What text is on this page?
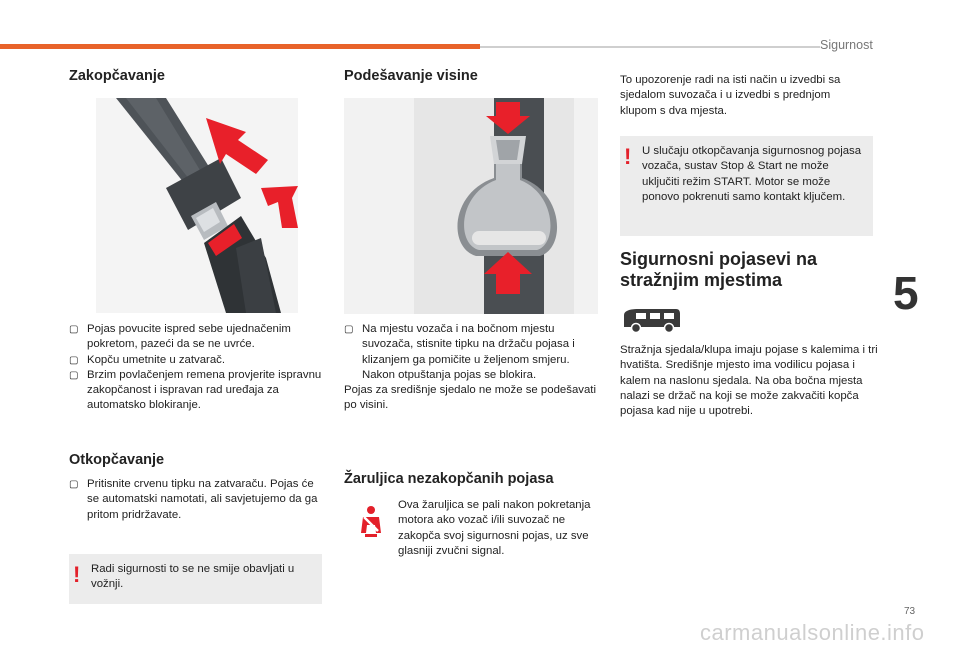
Sigurnost
5
Zakopčavanje
▢ Pojas povucite ispred sebe ujednačenim pokretom, pazeći da se ne uvrće.
▢ Kopču umetnite u zatvarač.
▢ Brzim povlačenjem remena provjerite ispravnu zakopčanost i ispravan rad uređaja za automatsko blokiranje.
Otkopčavanje
▢ Pritisnite crvenu tipku na zatvaraču. Pojas će se automatski namotati, ali savjetujemo da ga pritom pridržavate.
! Radi sigurnosti to se ne smije obavljati u vožnji.
Podešavanje visine
▢ Na mjestu vozača i na bočnom mjestu suvozača, stisnite tipku na držaču pojasa i klizanjem ga pomičite u željenom smjeru. Nakon otpuštanja pojas se blokira.
Pojas za središnje sjedalo ne može se podešavati po visini.
Žaruljica nezakopčanih pojasa
Ova žaruljica se pali nakon pokretanja motora ako vozač i/ili suvozač ne zakopča svoj sigurnosni pojas, uz sve glasniji zvučni signal.
To upozorenje radi na isti način u izvedbi sa sjedalom suvozača i u izvedbi s prednjom klupom s dva mjesta.
! U slučaju otkopčavanja sigurnosnog pojasa vozača, sustav Stop & Start ne može uključiti režim START. Motor se može ponovo pokrenuti samo kontakt ključem.
Sigurnosni pojasevi na stražnjim mjestima
Stražnja sjedala/klupa imaju pojase s kalemima i tri hvatišta. Središnje mjesto ima vodilicu pojasa i kalem na naslonu sjedala. Na oba bočna mjesta nalazi se držač na koji se može zakvačiti kopča pojasa kad nije u upotrebi.
73
carmanualsonline.info
